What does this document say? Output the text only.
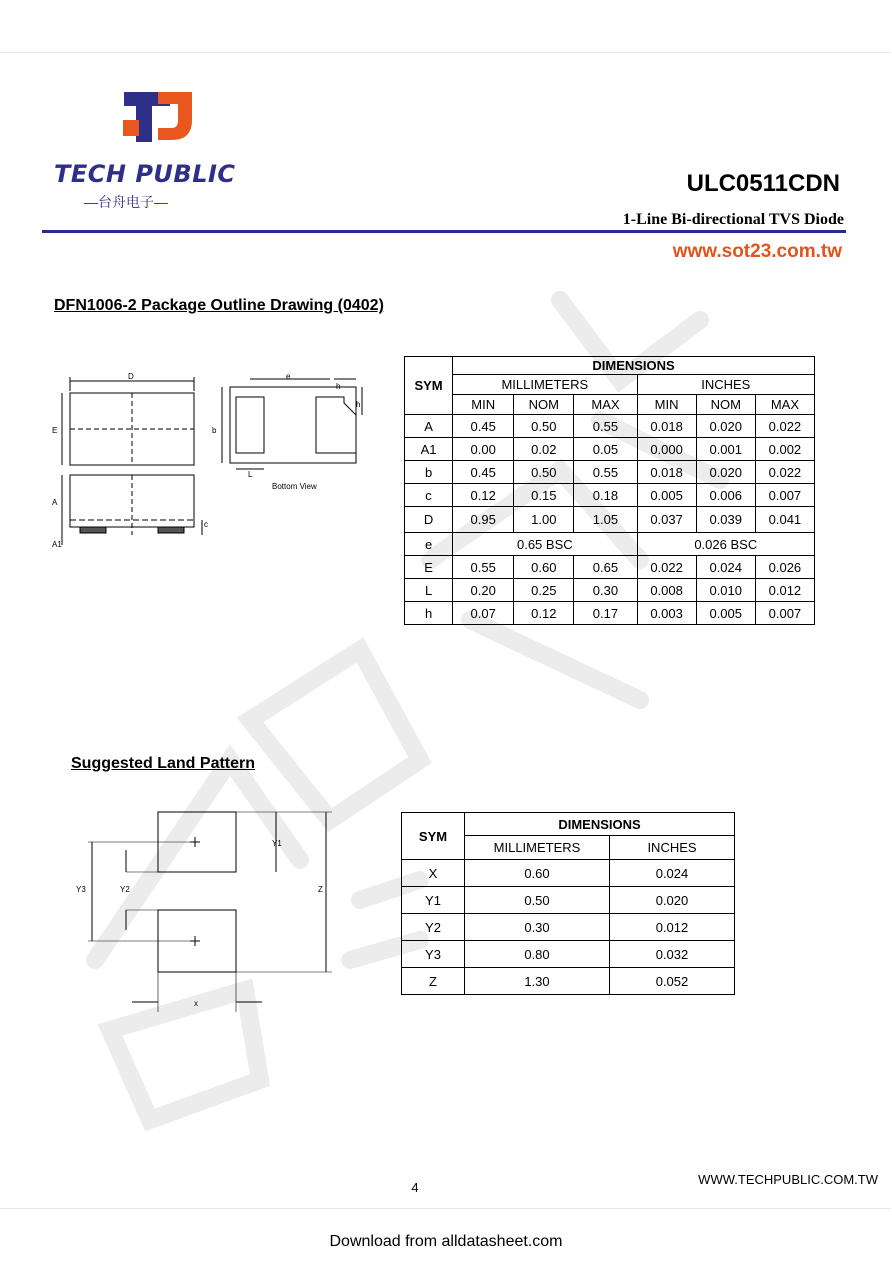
TECH PUBLIC
—台舟电子—
ULC0511CDN
1-Line Bi-directional TVS Diode
www.sot23.com.tw
DFN1006-2 Package Outline Drawing (0402)
D
E
A
A1
e
h
h
b
L
c
Bottom View
SYM	DIMENSIONS					
	MILLIMETERS			INCHES		
	MIN	NOM	MAX	MIN	NOM	MAX
A	0.45	0.50	0.55	0.018	0.020	0.022
A1	0.00	0.02	0.05	0.000	0.001	0.002
b	0.45	0.50	0.55	0.018	0.020	0.022
c	0.12	0.15	0.18	0.005	0.006	0.007
D	0.95	1.00	1.05	0.037	0.039	0.041
e	0.65 BSC			0.026 BSC		
E	0.55	0.60	0.65	0.022	0.024	0.026
L	0.20	0.25	0.30	0.008	0.010	0.012
h	0.07	0.12	0.17	0.003	0.005	0.007
Suggested Land Pattern
Y1
Y2
Y3	Z
x
SYM	DIMENSIONS	
	MILLIMETERS	INCHES
X	0.60	0.024
Y1	0.50	0.020
Y2	0.30	0.012
Y3	0.80	0.032
Z	1.30	0.052
WWW.TECHPUBLIC.COM.TW
4
Download from alldatasheet.com
